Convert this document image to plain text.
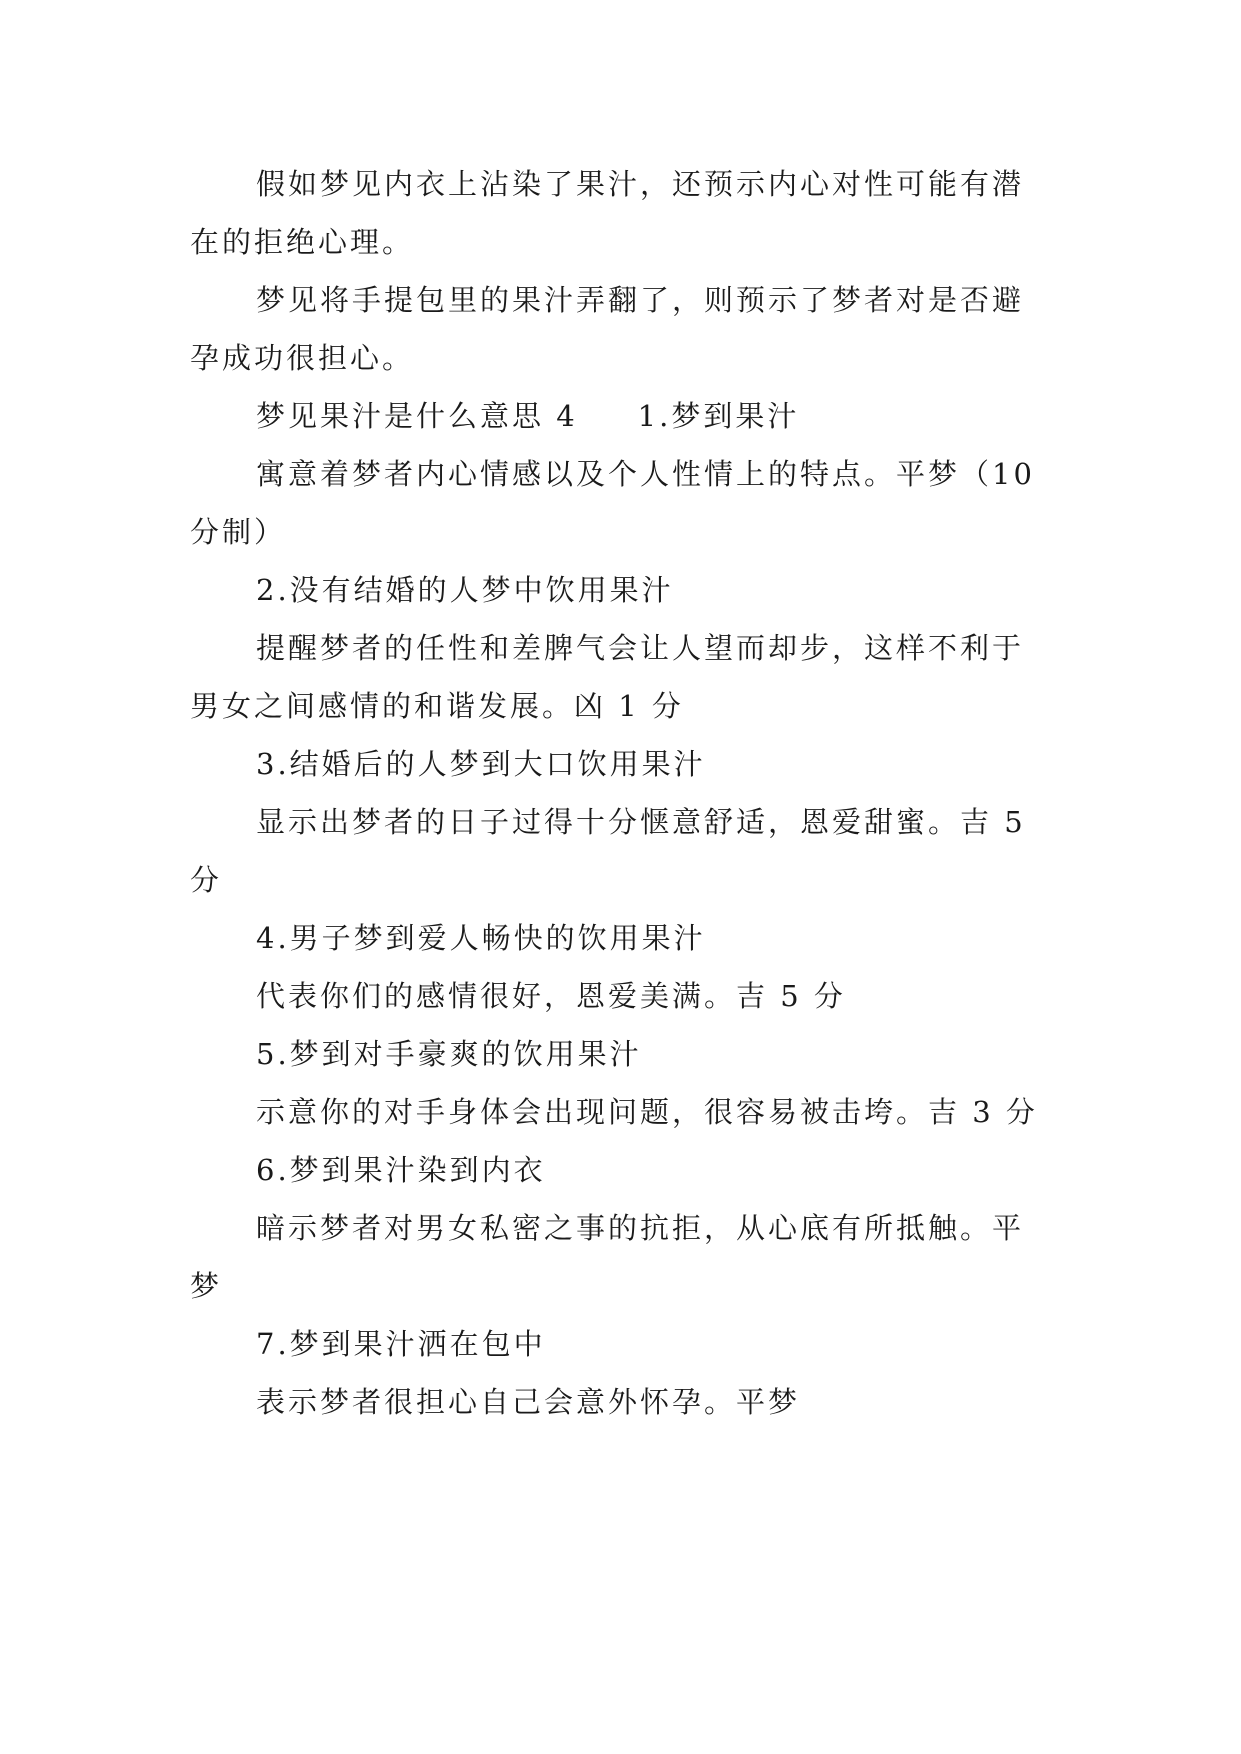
假如梦见内衣上沾染了果汁，还预示内心对性可能有潜
在的拒绝心理。
梦见将手提包里的果汁弄翻了，则预示了梦者对是否避
孕成功很担心。
梦见果汁是什么意思 4 1.梦到果汁
寓意着梦者内心情感以及个人性情上的特点。平梦（10
分制）
2.没有结婚的人梦中饮用果汁
提醒梦者的任性和差脾气会让人望而却步，这样不利于
男女之间感情的和谐发展。凶 1 分
3.结婚后的人梦到大口饮用果汁
显示出梦者的日子过得十分惬意舒适，恩爱甜蜜。吉 5
分
4.男子梦到爱人畅快的饮用果汁
代表你们的感情很好，恩爱美满。吉 5 分
5.梦到对手豪爽的饮用果汁
示意你的对手身体会出现问题，很容易被击垮。吉 3 分
6.梦到果汁染到内衣
暗示梦者对男女私密之事的抗拒，从心底有所抵触。平
梦
7.梦到果汁洒在包中
表示梦者很担心自己会意外怀孕。平梦
